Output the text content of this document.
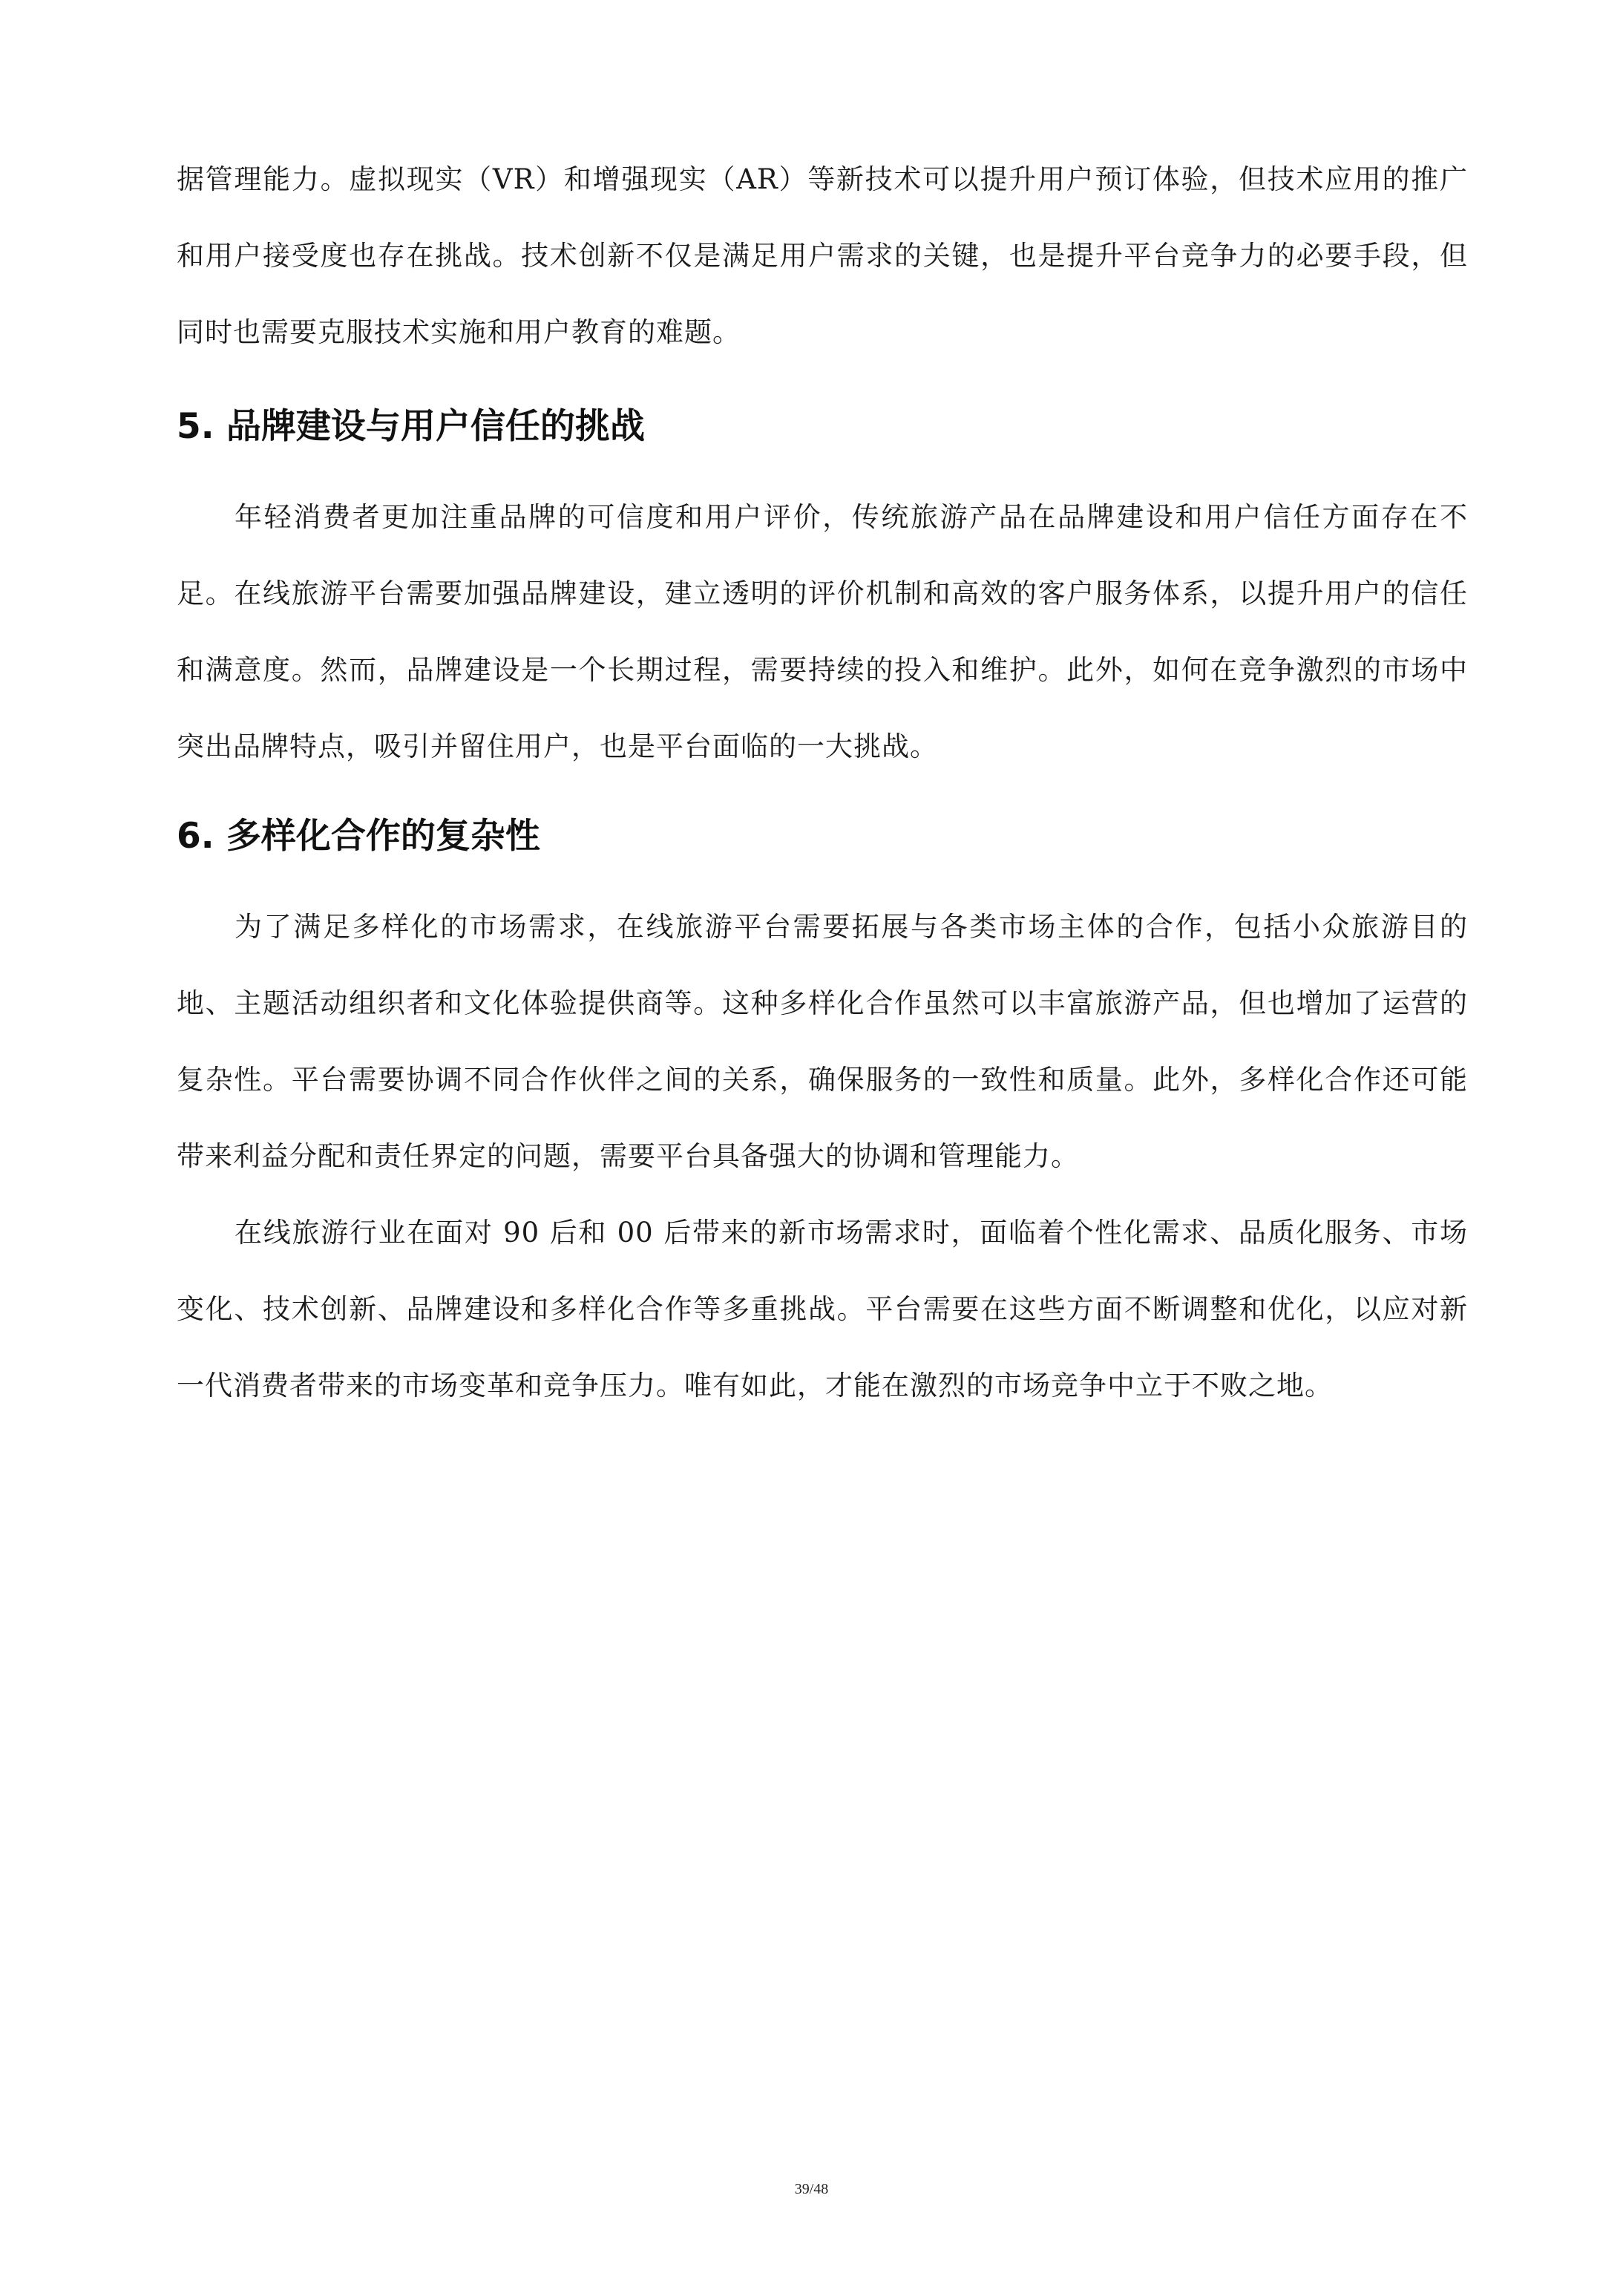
据管理能力。虚拟现实（VR）和增强现实（AR）等新技术可以提升用户预订体验，但技术应用的推广和用户接受度也存在挑战。技术创新不仅是满足用户需求的关键，也是提升平台竞争力的必要手段，但同时也需要克服技术实施和用户教育的难题。

5. 品牌建设与用户信任的挑战

年轻消费者更加注重品牌的可信度和用户评价，传统旅游产品在品牌建设和用户信任方面存在不足。在线旅游平台需要加强品牌建设，建立透明的评价机制和高效的客户服务体系，以提升用户的信任和满意度。然而，品牌建设是一个长期过程，需要持续的投入和维护。此外，如何在竞争激烈的市场中突出品牌特点，吸引并留住用户，也是平台面临的一大挑战。

6. 多样化合作的复杂性

为了满足多样化的市场需求，在线旅游平台需要拓展与各类市场主体的合作，包括小众旅游目的地、主题活动组织者和文化体验提供商等。这种多样化合作虽然可以丰富旅游产品，但也增加了运营的复杂性。平台需要协调不同合作伙伴之间的关系，确保服务的一致性和质量。此外，多样化合作还可能带来利益分配和责任界定的问题，需要平台具备强大的协调和管理能力。

在线旅游行业在面对 90 后和 00 后带来的新市场需求时，面临着个性化需求、品质化服务、市场变化、技术创新、品牌建设和多样化合作等多重挑战。平台需要在这些方面不断调整和优化，以应对新一代消费者带来的市场变革和竞争压力。唯有如此，才能在激烈的市场竞争中立于不败之地。

39/48
